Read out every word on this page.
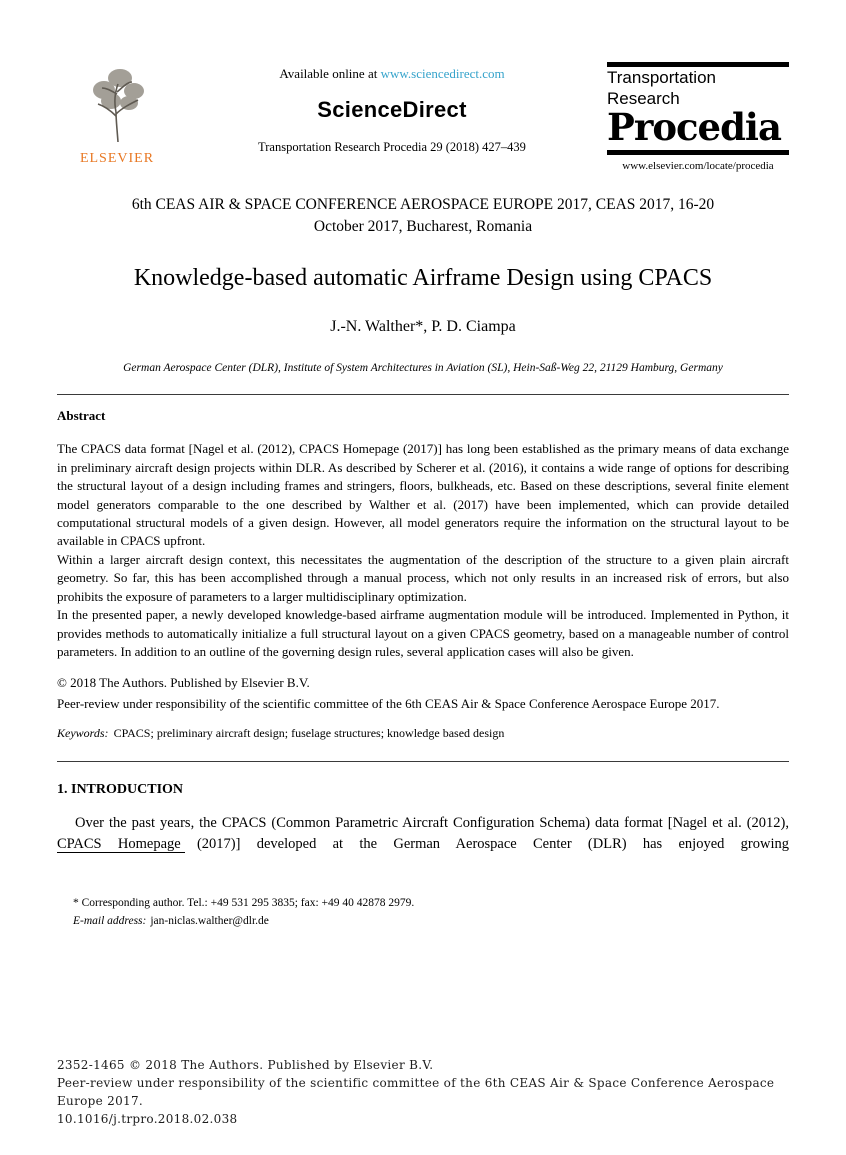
ELSEVIER
Available online at www.sciencedirect.com
ScienceDirect
Transportation Research Procedia 29 (2018) 427–439
Transportation
Research
Procedia
www.elsevier.com/locate/procedia
6th CEAS AIR & SPACE CONFERENCE AEROSPACE EUROPE 2017, CEAS 2017, 16-20
October 2017, Bucharest, Romania
Knowledge-based automatic Airframe Design using CPACS
J.-N. Walther*, P. D. Ciampa
German Aerospace Center (DLR), Institute of System Architectures in Aviation (SL), Hein-Saß-Weg 22, 21129 Hamburg, Germany
Abstract

The CPACS data format [Nagel et al. (2012), CPACS Homepage (2017)] has long been established as the primary means of data exchange in preliminary aircraft design projects within DLR. As described by Scherer et al. (2016), it contains a wide range of options for describing the structural layout of a design including frames and stringers, floors, bulkheads, etc. Based on these descriptions, several finite element model generators comparable to the one described by Walther et al. (2017) have been implemented, which can provide detailed computational structural models of a given design. However, all model generators require the information on the structural layout to be available in CPACS upfront.

Within a larger aircraft design context, this necessitates the augmentation of the description of the structure to a given plain aircraft geometry. So far, this has been accomplished through a manual process, which not only results in an increased risk of errors, but also prohibits the exposure of parameters to a larger multidisciplinary optimization.

In the presented paper, a newly developed knowledge-based airframe augmentation module will be introduced. Implemented in Python, it provides methods to automatically initialize a full structural layout on a given CPACS geometry, based on a manageable number of control parameters. In addition to an outline of the governing design rules, several application cases will also be given.

© 2018 The Authors. Published by Elsevier B.V.
Peer-review under responsibility of the scientific committee of the 6th CEAS Air & Space Conference Aerospace Europe 2017.
Keywords: CPACS; preliminary aircraft design; fuselage structures; knowledge based design
1. INTRODUCTION

Over the past years, the CPACS (Common Parametric Aircraft Configuration Schema) data format [Nagel et al. (2012), CPACS Homepage (2017)] developed at the German Aerospace Center (DLR) has enjoyed growing

* Corresponding author. Tel.: +49 531 295 3835; fax: +49 40 42878 2979.
E-mail address: jan-niclas.walther@dlr.de
2352-1465 © 2018 The Authors. Published by Elsevier B.V.
Peer-review under responsibility of the scientific committee of the 6th CEAS Air & Space Conference Aerospace Europe 2017.
10.1016/j.trpro.2018.02.038
